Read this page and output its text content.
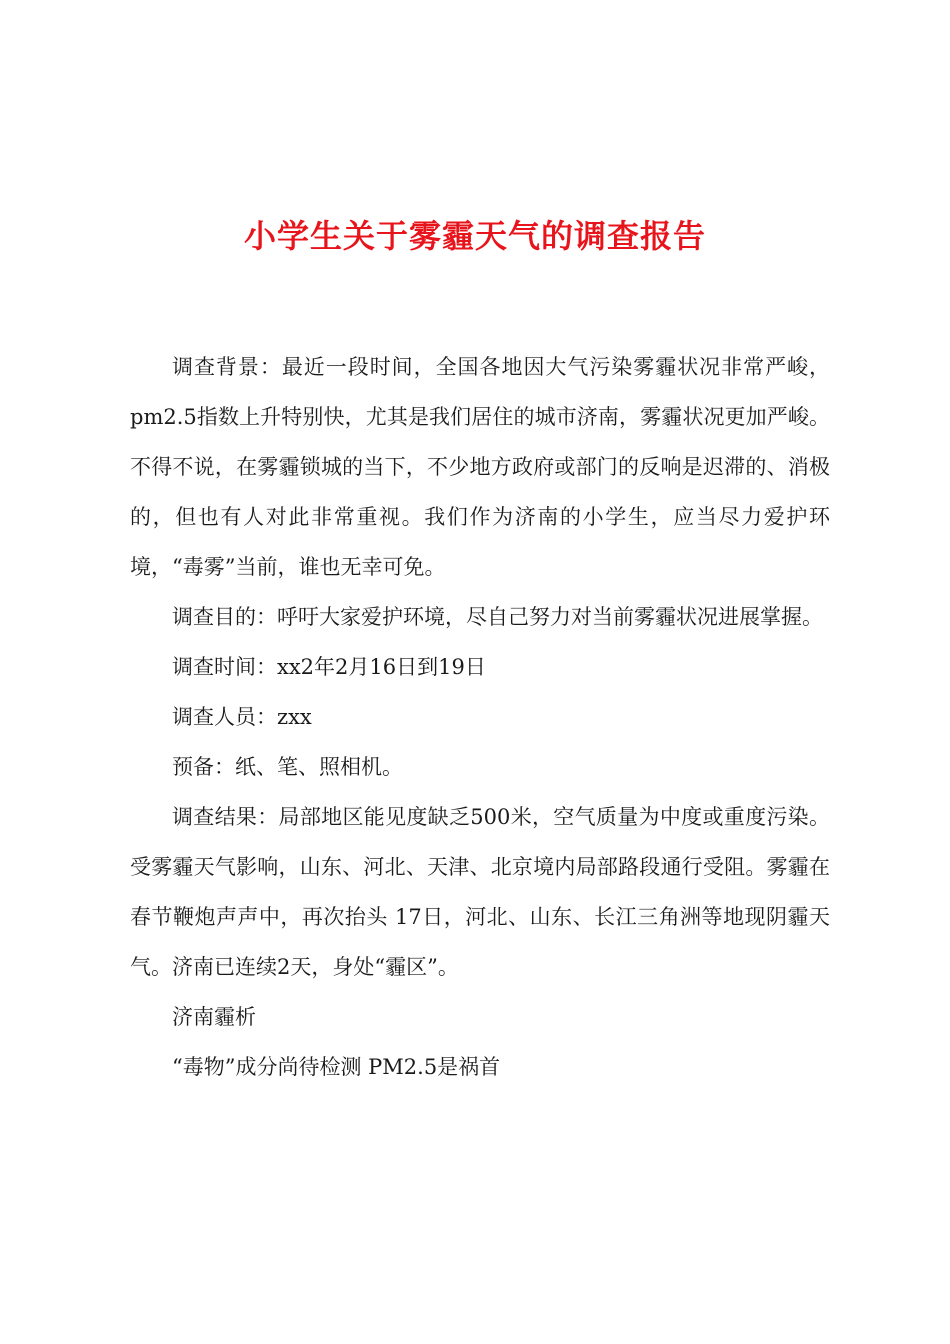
小学生关于雾霾天气的调查报告

调查背景：最近一段时间，全国各地因大气污染雾霾状况非常严峻，pm2.5指数上升特别快，尤其是我们居住的城市济南，雾霾状况更加严峻。不得不说，在雾霾锁城的当下，不少地方政府或部门的反响是迟滞的、消极的，但也有人对此非常重视。我们作为济南的小学生，应当尽力爱护环境，“毒雾”当前，谁也无幸可免。

调查目的：呼吁大家爱护环境，尽自己努力对当前雾霾状况进展掌握。

调查时间：xx2年2月16日到19日

调查人员：zxx

预备：纸、笔、照相机。

调查结果：局部地区能见度缺乏500米，空气质量为中度或重度污染。受雾霾天气影响，山东、河北、天津、北京境内局部路段通行受阻。雾霾在春节鞭炮声声中，再次抬头 17日，河北、山东、长江三角洲等地现阴霾天气。济南已连续2天，身处“霾区”。

济南霾析

“毒物”成分尚待检测 PM2.5是祸首
